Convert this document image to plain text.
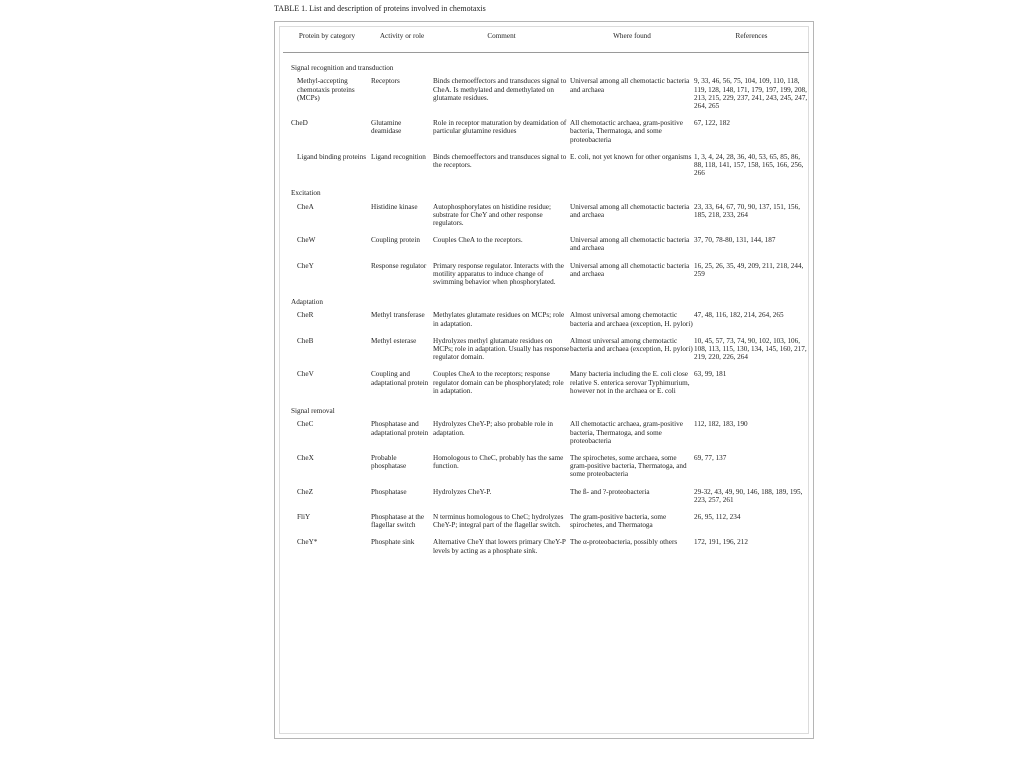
TABLE 1. List and description of proteins involved in chemotaxis
Protein by category	Activity or role	Comment	Where found	References

Signal recognition and transduction				
Methyl-accepting chemotaxis proteins (MCPs)	Receptors	Binds chemoeffectors and transduces signal to CheA. Is methylated and demethylated on glutamate residues.	Universal among all chemotactic bacteria and archaea	9, 33, 46, 56, 75, 104, 109, 110, 118, 119, 128, 148, 171, 179, 197, 199, 208, 213, 215, 229, 237, 241, 243, 245, 247, 264, 265
CheD	Glutamine deamidase	Role in receptor maturation by deamidation of particular glutamine residues	All chemotactic archaea, gram-positive bacteria, Thermatoga, and some proteobacteria	67, 122, 182
Ligand binding proteins	Ligand recognition	Binds chemoeffectors and transduces signal to the receptors.	E. coli, not yet known for other organisms	1, 3, 4, 24, 28, 36, 40, 53, 65, 85, 86, 88, 118, 141, 157, 158, 165, 166, 256, 266
Excitation				
CheA	Histidine kinase	Autophosphorylates on histidine residue; substrate for CheY and other response regulators.	Universal among all chemotactic bacteria and archaea	23, 33, 64, 67, 70, 90, 137, 151, 156, 185, 218, 233, 264
CheW	Coupling protein	Couples CheA to the receptors.	Universal among all chemotactic bacteria and archaea	37, 70, 78-80, 131, 144, 187
CheY	Response regulator	Primary response regulator. Interacts with the motility apparatus to induce change of swimming behavior when phosphorylated.	Universal among all chemotactic bacteria and archaea	16, 25, 26, 35, 49, 209, 211, 218, 244, 259
Adaptation				
CheR	Methyl transferase	Methylates glutamate residues on MCPs; role in adaptation.	Almost universal among chemotactic bacteria and archaea (exception, H. pylori)	47, 48, 116, 182, 214, 264, 265
CheB	Methyl esterase	Hydrolyzes methyl glutamate residues on MCPs; role in adaptation. Usually has response regulator domain.	Almost universal among chemotactic bacteria and archaea (exception, H. pylori)	10, 45, 57, 73, 74, 90, 102, 103, 106, 108, 113, 115, 130, 134, 145, 160, 217, 219, 220, 226, 264
CheV	Coupling and adaptational protein	Couples CheA to the receptors; response regulator domain can be phosphorylated; role in adaptation.	Many bacteria including the E. coli close relative S. enterica serovar Typhimurium, however not in the archaea or E. coli	63, 99, 181
Signal removal				
CheC	Phosphatase and adaptational protein	Hydrolyzes CheY-P; also probable role in adaptation.	All chemotactic archaea, gram-positive bacteria, Thermatoga, and some proteobacteria	112, 182, 183, 190
CheX	Probable phosphatase	Homologous to CheC, probably has the same function.	The spirochetes, some archaea, some gram-positive bacteria, Thermatoga, and some proteobacteria	69, 77, 137
CheZ	Phosphatase	Hydrolyzes CheY-P.	The ß- and ?-proteobacteria	29-32, 43, 49, 90, 146, 188, 189, 195, 223, 257, 261
FliY	Phosphatase at the flagellar switch	N terminus homologous to CheC; hydrolyzes CheY-P; integral part of the flagellar switch.	The gram-positive bacteria, some spirochetes, and Thermatoga	26, 95, 112, 234
CheY*	Phosphate sink	Alternative CheY that lowers primary CheY-P levels by acting as a phosphate sink.	The α-proteobacteria, possibly others	172, 191, 196, 212
